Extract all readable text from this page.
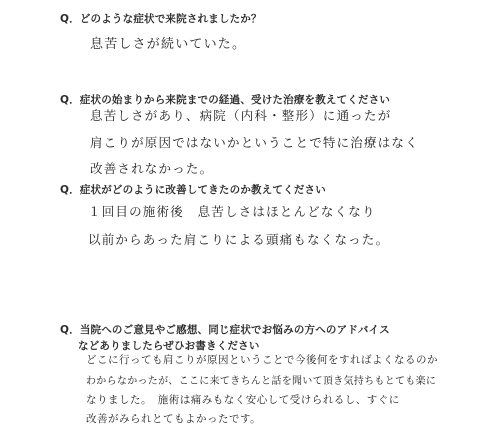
Q．どのような症状で来院されましたか？
息苦しさが続いていた。
Q．症状の始まりから来院までの経過、受けた治療を教えてください
息苦しさがあり、病院（内科・整形）に通ったが
肩こりが原因ではないかということで特に治療はなく
改善されなかった。
Q．症状がどのように改善してきたのか教えてください
１回目の施術後　息苦しさはほとんどなくなり
以前からあった肩こりによる頭痛もなくなった。
Q．当院へのご意見やご感想、同じ症状でお悩みの方へのアドバイス
などありましたらぜひお書きください
どこに行っても肩こりが原因ということで今後何をすればよくなるのか
わからなかったが、ここに来てきちんと話を聞いて頂き気持ちもとても楽に
なりました。　施術は痛みもなく安心して受けられるし、すぐに
改善がみられとてもよかったです。
